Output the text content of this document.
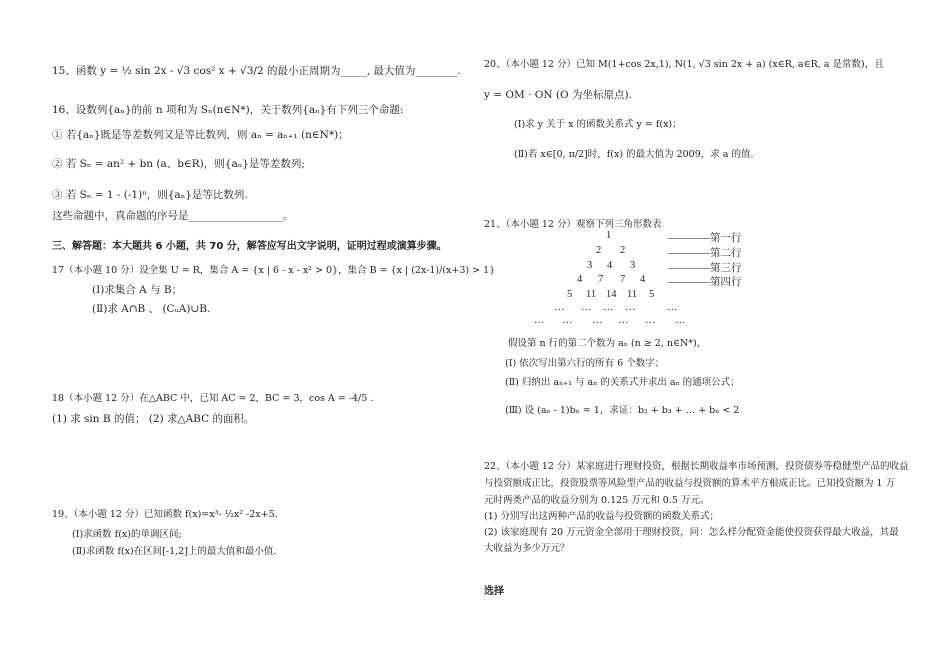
15、函数 y = ½ sin 2x - √3 cos² x + √3/2 的最小正周期为_____, 最大值为________.
16、设数列{aₙ}的前 n 项和为 Sₙ(n∈N*)，关于数列{aₙ}有下列三个命题:
① 若{aₙ}既是等差数列又是等比数列，则 aₙ = aₙ₊₁ (n∈N*)；
② 若 Sₙ = an² + bn (a、b∈R)，则{aₙ}是等差数列;
③ 若 Sₙ = 1 - (-1)ⁿ，则{aₙ}是等比数列.
这些命题中，真命题的序号是__________________。
三、解答题：本大题共 6 小题，共 70 分，解答应写出文字说明，证明过程或演算步骤。
17（本小题 10 分）设全集 U = R，集合 A = {x | 6 - x - x² > 0}，集合 B = {x | (2x-1)/(x+3) > 1}
(Ⅰ)求集合 A 与 B；
(Ⅱ)求 A∩B 、 (CᵤA)∪B.
18（本小题 12 分）在△ABC 中，已知 AC = 2，BC = 3，cos A = -4/5 .
(1) 求 sin B 的值； (2) 求△ABC 的面积。
19、（本小题 12 分）已知函数 f(x)=x³- ½x² -2x+5.
(Ⅰ)求函数 f(x)的单调区间;
(Ⅱ)求函数 f(x)在区间[-1,2]上的最大值和最小值.
20、（本小题 12 分）已知 M(1+cos 2x,1), N(1, √3 sin 2x + a) (x∈R, a∈R, a 是常数)，且
y = OM · ON (O 为坐标原点).
(Ⅰ)求 y 关于 x 的函数关系式 y = f(x)；
(Ⅱ)若 x∈[0, π/2]时，f(x) 的最大值为 2009，求 a 的值.
21、（本小题 12 分）观察下列三角形数表
1
2 2
3 4 3
4 7 7 4
5 11 14 11 5
… … … …	…
… … … … … …
————第一行
————第二行
————第三行
————第四行
假设第 n 行的第二个数为 aₙ (n ≥ 2, n∈N*)，
(Ⅰ) 依次写出第六行的所有 6 个数字；
(Ⅱ) 归纳出 aₙ₊₁ 与 aₙ 的关系式并求出 aₙ 的通项公式；
(Ⅲ) 设 (aₙ - 1)bₙ = 1，求证：b₂ + b₃ + … + bₙ < 2
22、（本小题 12 分）某家庭进行理财投资，根据长期收益率市场预测，投资债券等稳健型产品的收益
与投资额成正比，投资股票等风险型产品的收益与投资额的算术平方根成正比。已知投资额为 1 万
元时两类产品的收益分别为 0.125 万元和 0.5 万元。
(1) 分别写出这两种产品的收益与投资额的函数关系式；
(2) 该家庭现有 20 万元资金全部用于理财投资，问：怎么样分配资金能使投资获得最大收益，其最
大收益为多少万元？
选择
